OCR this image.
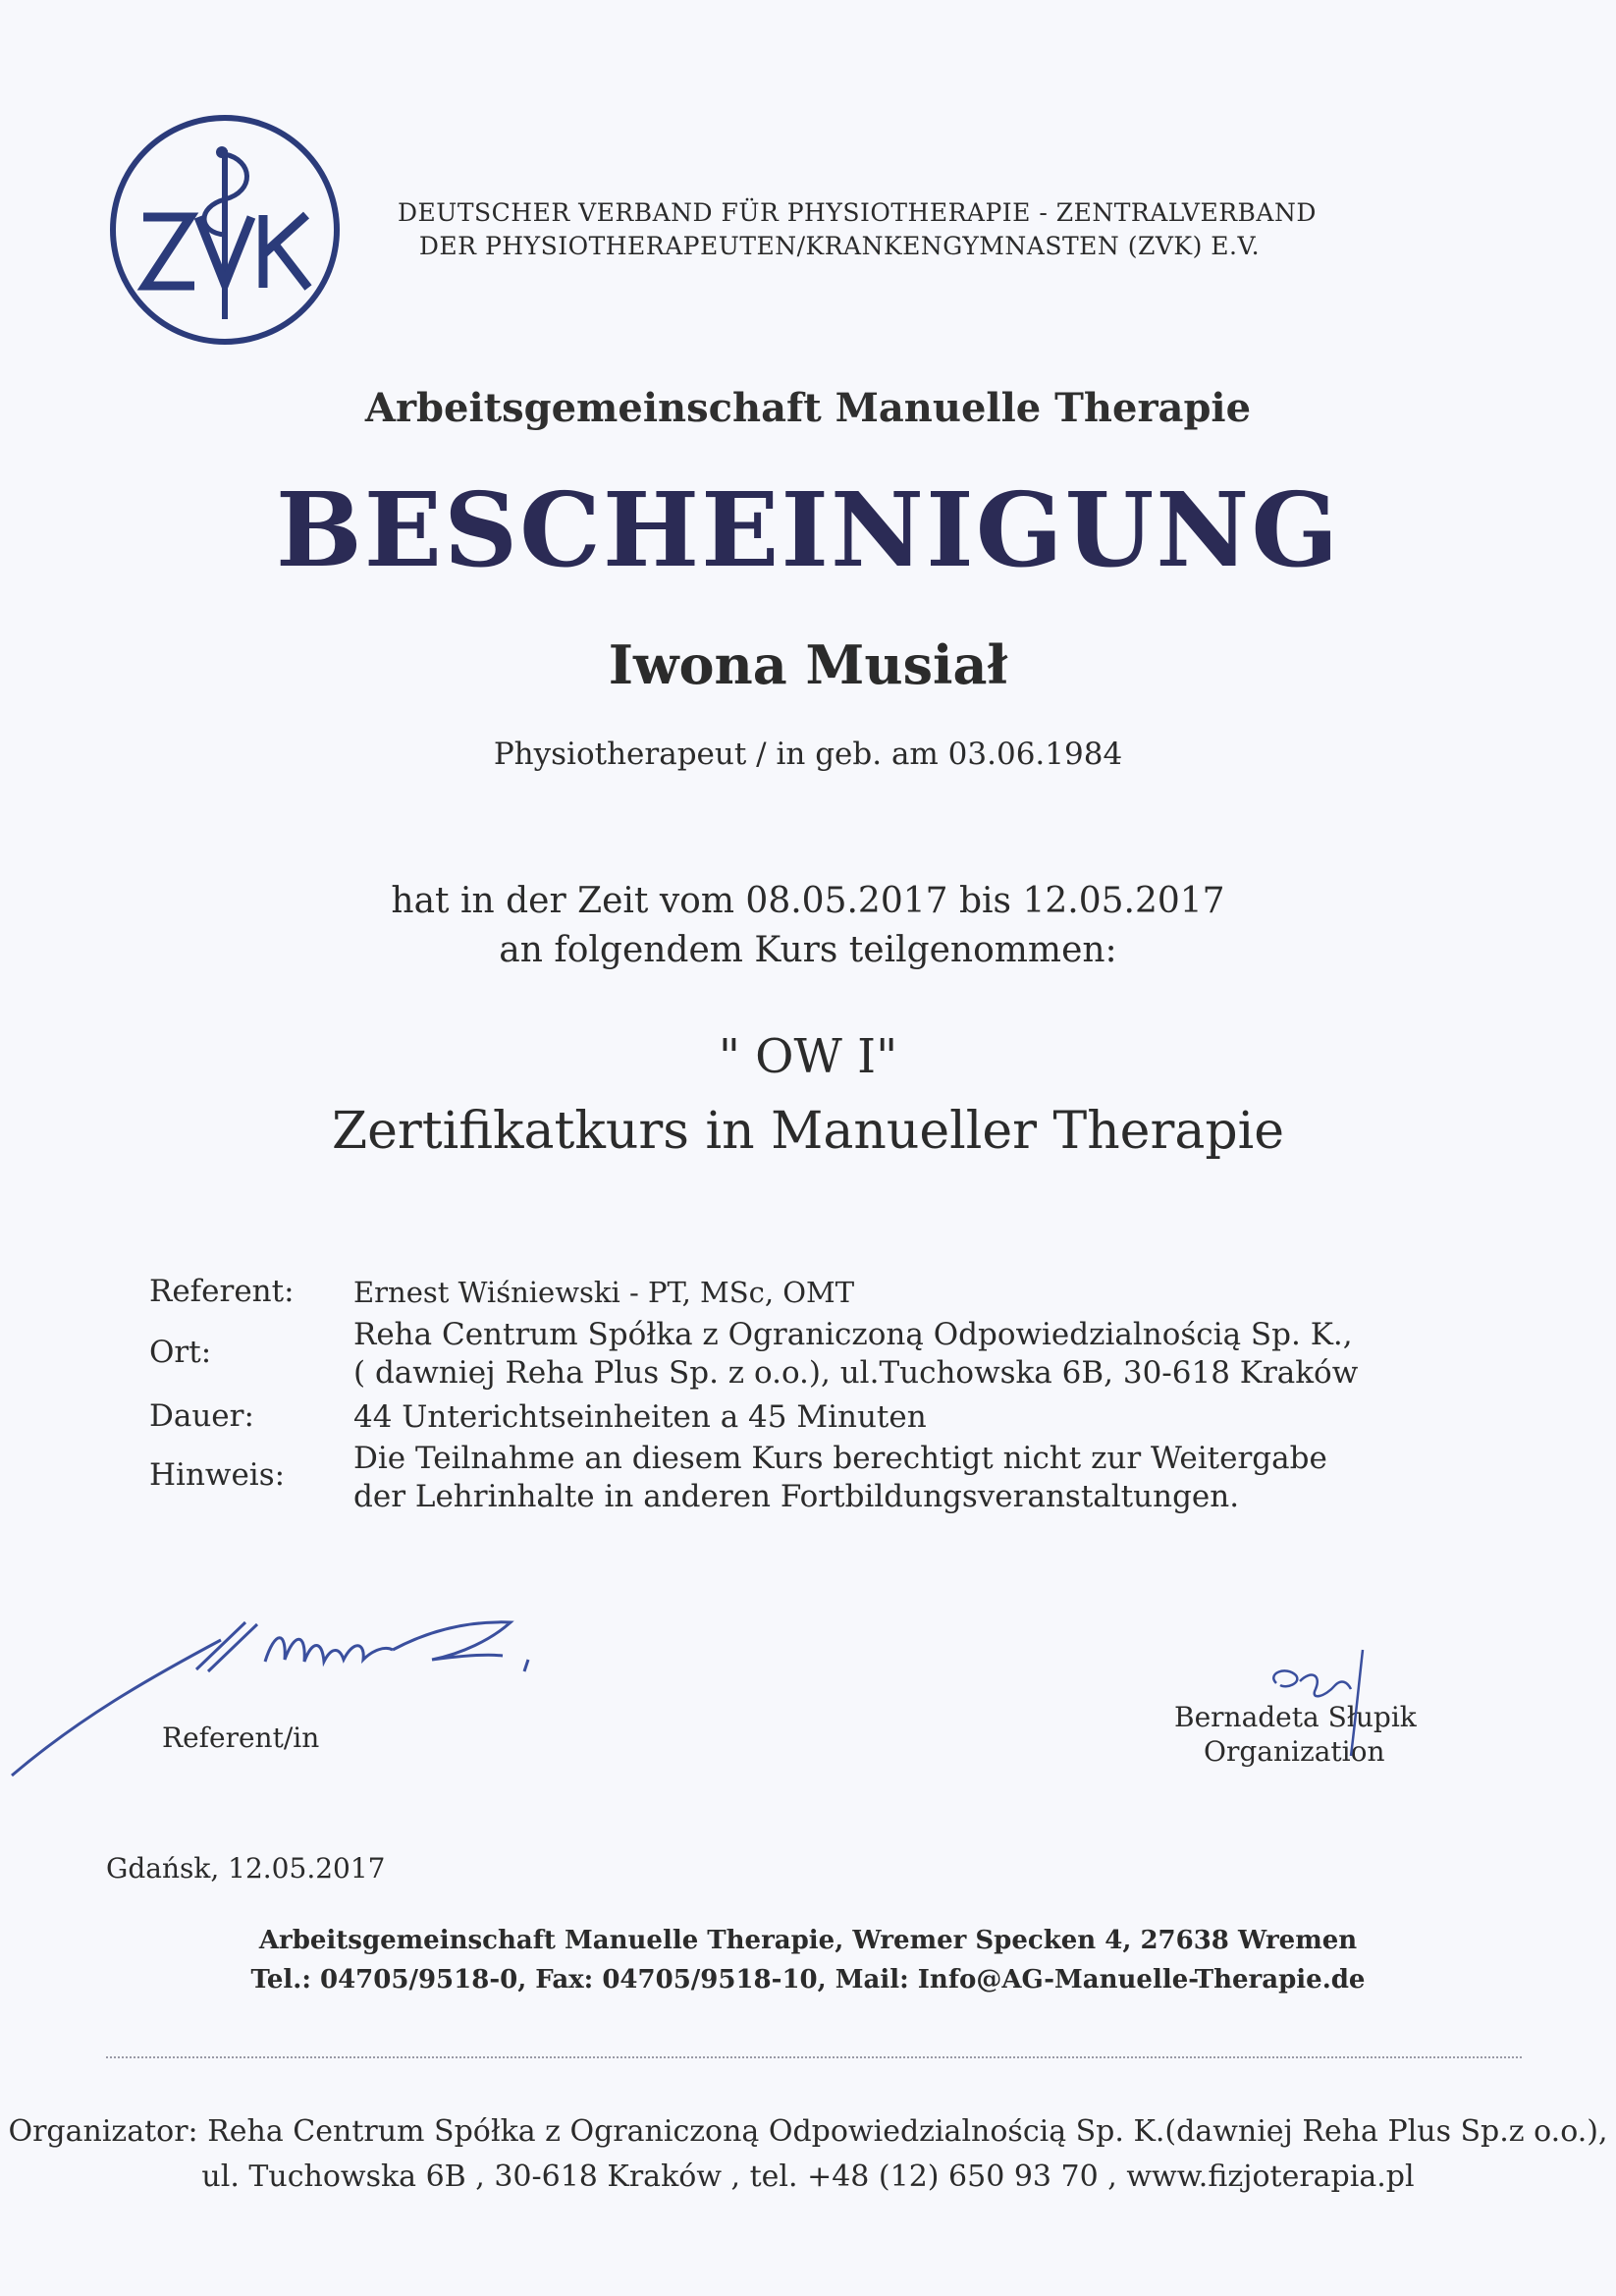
DEUTSCHER VERBAND FÜR PHYSIOTHERAPIE - ZENTRALVERBAND
DER PHYSIOTHERAPEUTEN/KRANKENGYMNASTEN (ZVK) E.V.
Arbeitsgemeinschaft Manuelle Therapie
BESCHEINIGUNG
Iwona Musiał
Physiotherapeut / in geb. am 03.06.1984
hat in der Zeit vom 08.05.2017 bis 12.05.2017
an folgendem Kurs teilgenommen:
" OW I"
Zertifikatkurs in Manueller Therapie
Referent: Ernest Wiśniewski - PT, MSc, OMT
Ort:	Reha Centrum Spółka z Ograniczoną Odpowiedzialnością Sp. K.,
( dawniej Reha Plus Sp. z o.o.), ul.Tuchowska 6B, 30-618 Kraków
Dauer:	44 Unterichtseinheiten a 45 Minuten
Hinweis: Die Teilnahme an diesem Kurs berechtigt nicht zur Weitergabe
der Lehrinhalte in anderen Fortbildungsveranstaltungen.
Referent/in
Bernadeta Słupik
Organization
Gdańsk, 12.05.2017
Arbeitsgemeinschaft Manuelle Therapie, Wremer Specken 4, 27638 Wremen
Tel.: 04705/9518-0, Fax: 04705/9518-10, Mail: Info@AG-Manuelle-Therapie.de
Organizator: Reha Centrum Spółka z Ograniczoną Odpowiedzialnością Sp. K.(dawniej Reha Plus Sp.z o.o.),
ul. Tuchowska 6B , 30-618 Kraków , tel. +48 (12) 650 93 70 , www.fizjoterapia.pl
